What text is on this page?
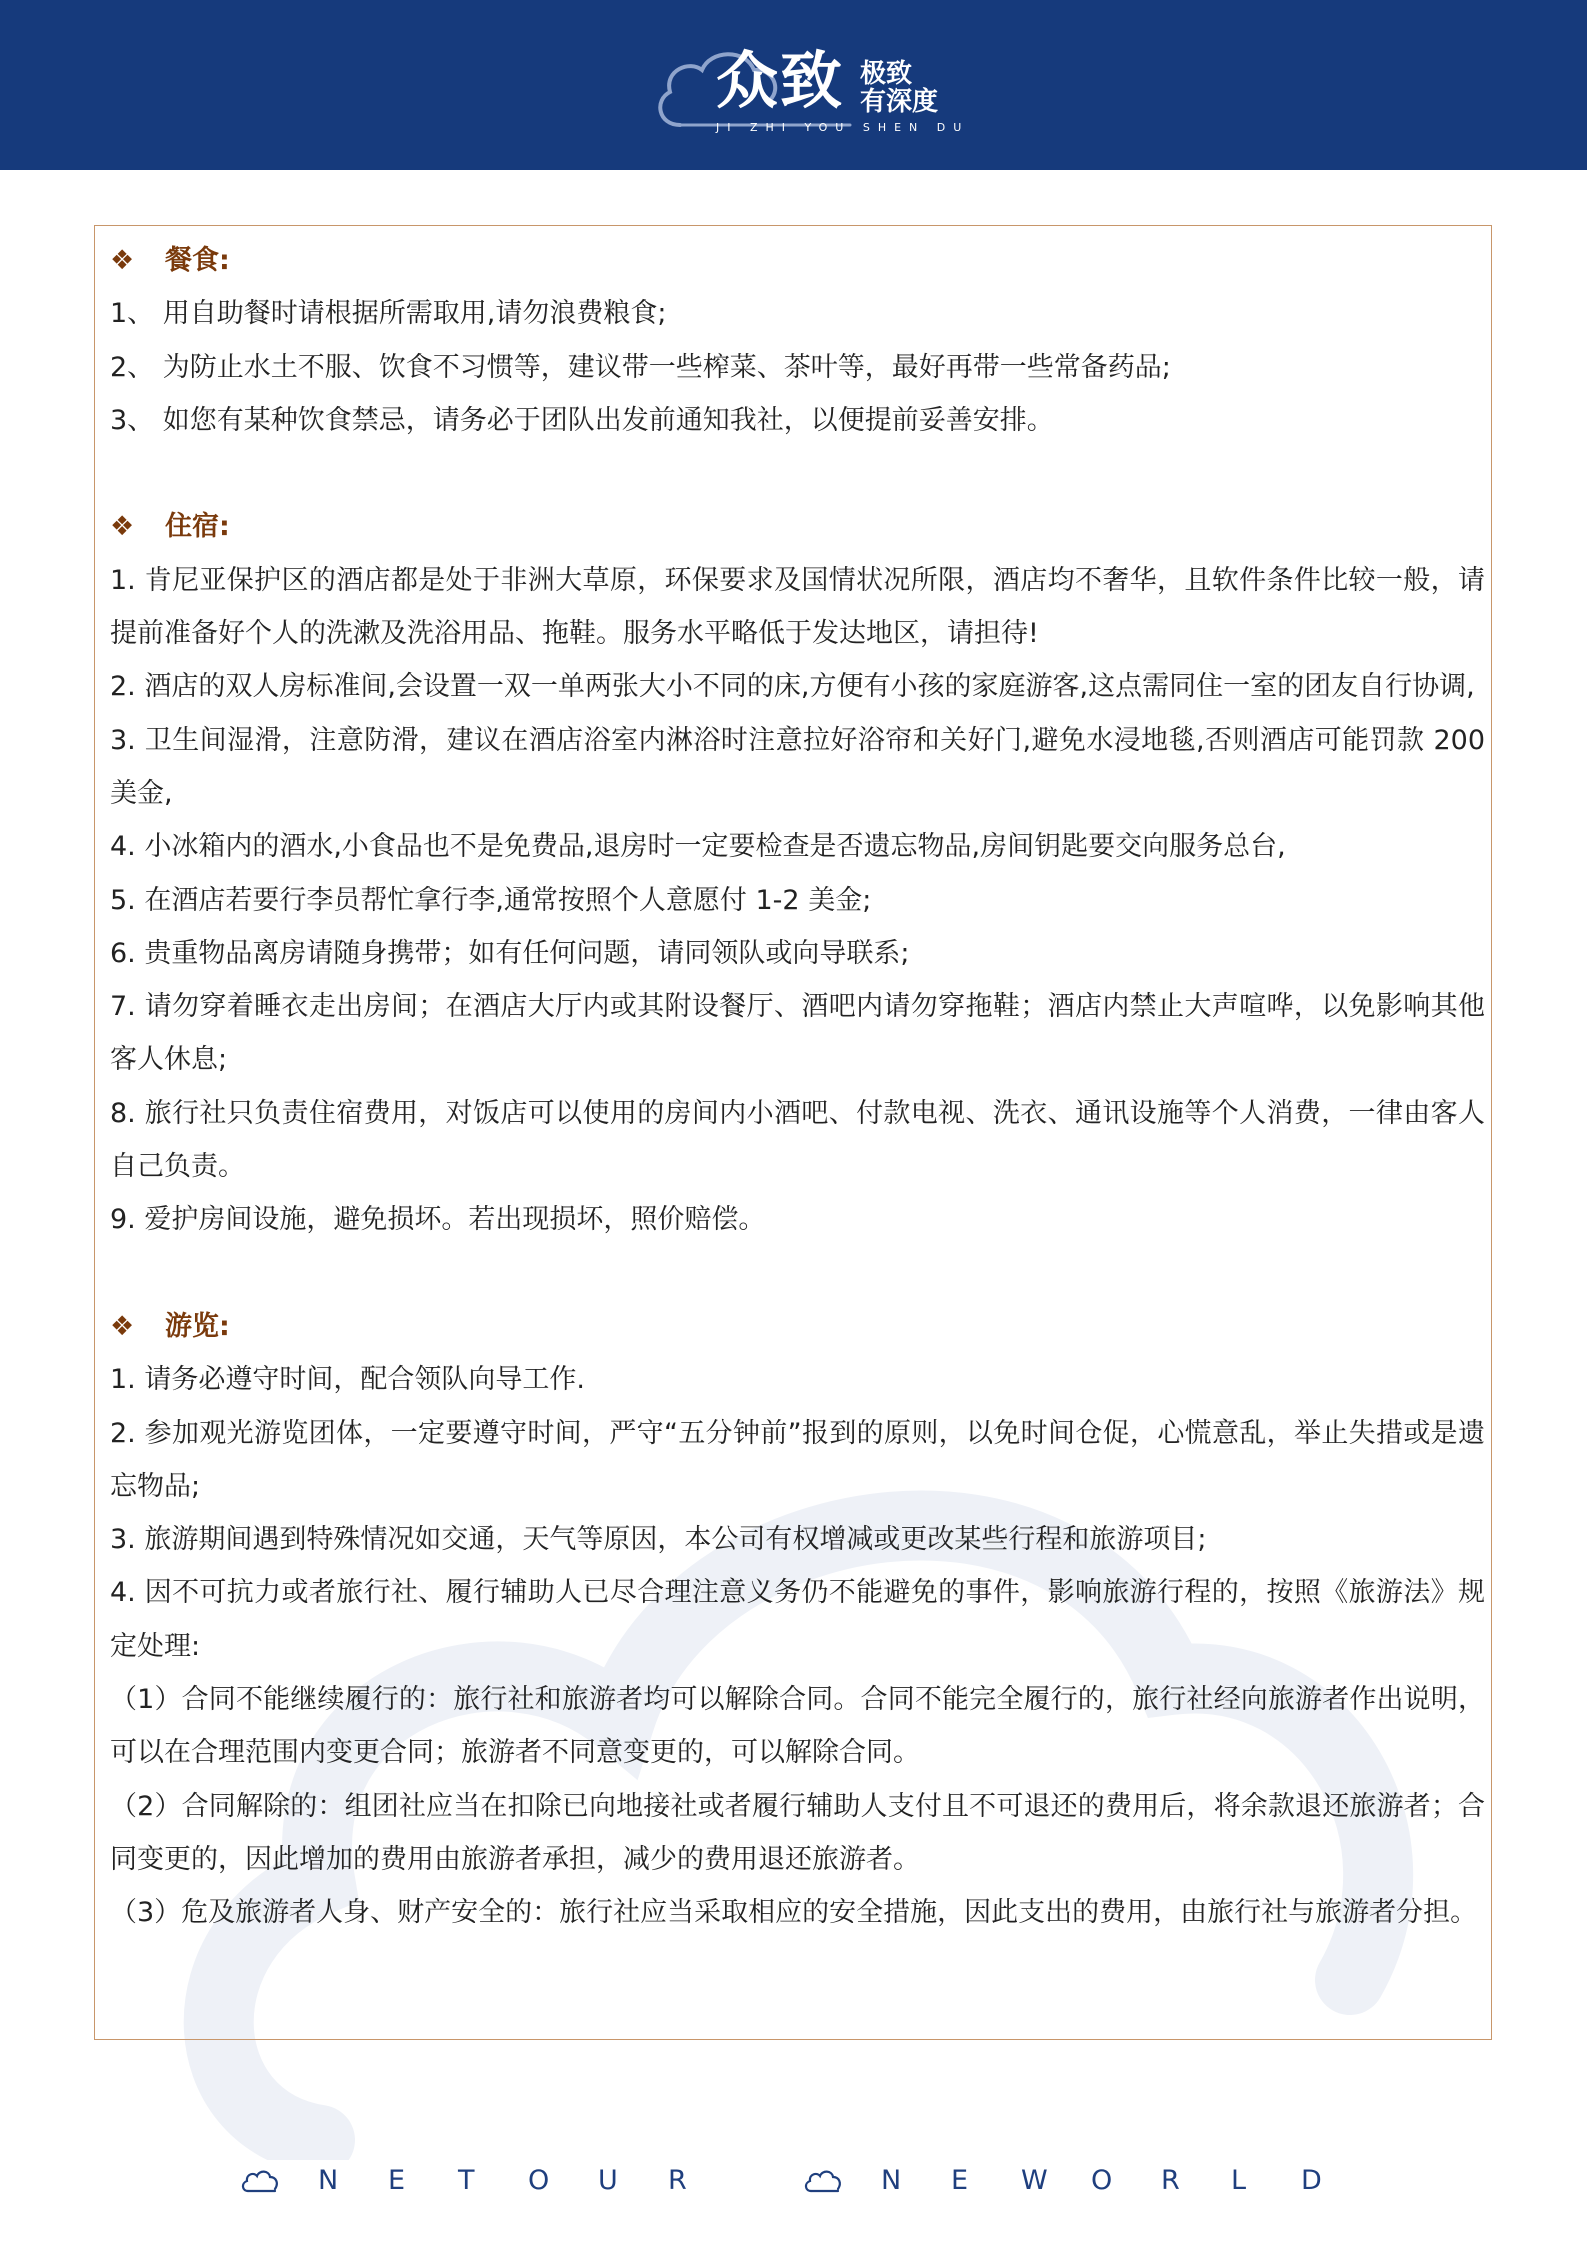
众致 极致
有深度
JI ZHI YOU SHEN DU
❖ 餐食:
1、 用自助餐时请根据所需取用,请勿浪费粮食;
2、 为防止水土不服、饮食不习惯等，建议带一些榨菜、茶叶等，最好再带一些常备药品;
3、 如您有某种饮食禁忌，请务必于团队出发前通知我社，以便提前妥善安排。
❖ 住宿:
1. 肯尼亚保护区的酒店都是处于非洲大草原，环保要求及国情状况所限，酒店均不奢华，且软件条件比较一般，请提前准备好个人的洗漱及洗浴用品、拖鞋。服务水平略低于发达地区，请担待!
2. 酒店的双人房标准间,会设置一双一单两张大小不同的床,方便有小孩的家庭游客,这点需同住一室的团友自行协调,
3. 卫生间湿滑，注意防滑，建议在酒店浴室内淋浴时注意拉好浴帘和关好门,避免水浸地毯,否则酒店可能罚款 200 美金,
4. 小冰箱内的酒水,小食品也不是免费品,退房时一定要检查是否遗忘物品,房间钥匙要交向服务总台,
5. 在酒店若要行李员帮忙拿行李,通常按照个人意愿付 1-2 美金;
6. 贵重物品离房请随身携带；如有任何问题，请同领队或向导联系;
7. 请勿穿着睡衣走出房间；在酒店大厅内或其附设餐厅、酒吧内请勿穿拖鞋；酒店内禁止大声喧哗，以免影响其他客人休息;
8. 旅行社只负责住宿费用，对饭店可以使用的房间内小酒吧、付款电视、洗衣、通讯设施等个人消费，一律由客人自己负责。
9. 爱护房间设施，避免损坏。若出现损坏，照价赔偿。
❖ 游览:
1. 请务必遵守时间，配合领队向导工作.
2. 参加观光游览团体，一定要遵守时间，严守“五分钟前”报到的原则，以免时间仓促，心慌意乱，举止失措或是遗忘物品;
3. 旅游期间遇到特殊情况如交通，天气等原因，本公司有权增减或更改某些行程和旅游项目;
4. 因不可抗力或者旅行社、履行辅助人已尽合理注意义务仍不能避免的事件，影响旅游行程的，按照《旅游法》规定处理:
（1）合同不能继续履行的：旅行社和旅游者均可以解除合同。合同不能完全履行的，旅行社经向旅游者作出说明，可以在合理范围内变更合同；旅游者不同意变更的，可以解除合同。
（2）合同解除的：组团社应当在扣除已向地接社或者履行辅助人支付且不可退还的费用后，将余款退还旅游者；合同变更的，因此增加的费用由旅游者承担，减少的费用退还旅游者。
（3）危及旅游者人身、财产安全的：旅行社应当采取相应的安全措施，因此支出的费用，由旅行社与旅游者分担。
N E T O U R	N E W O R L D
